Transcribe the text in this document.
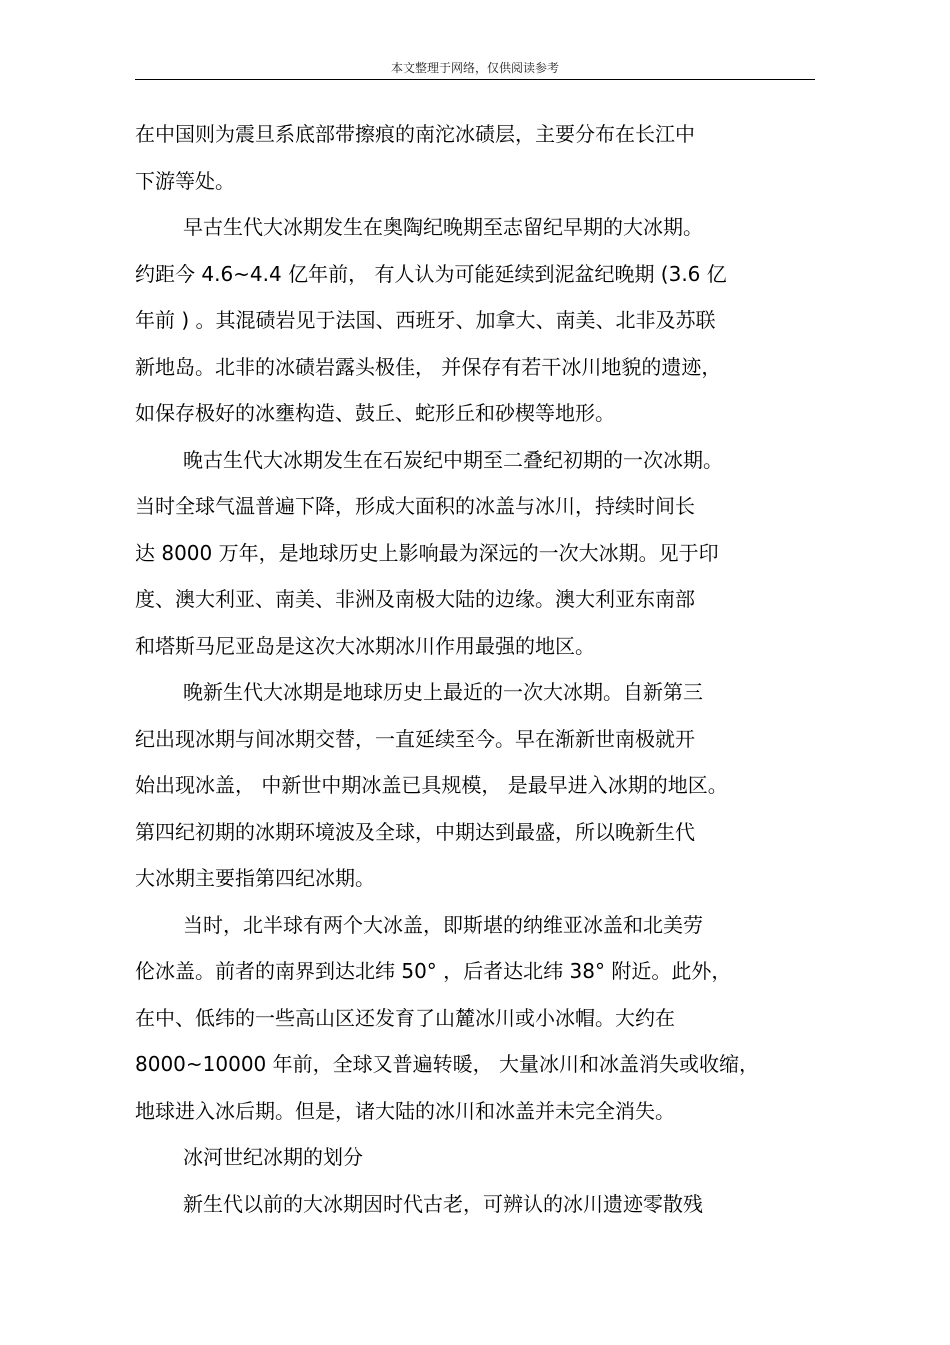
本文整理于网络，仅供阅读参考
在中国则为震旦系底部带擦痕的南沱冰碛层，主要分布在长江中
下游等处。
早古生代大冰期发生在奥陶纪晚期至志留纪早期的大冰期。
约距今 4.6~4.4 亿年前， 有人认为可能延续到泥盆纪晚期 (3.6 亿
年前 ) 。其混碛岩见于法国、西班牙、加拿大、南美、北非及苏联
新地岛。北非的冰碛岩露头极佳， 并保存有若干冰川地貌的遗迹，
如保存极好的冰壅构造、鼓丘、蛇形丘和砂楔等地形。
晚古生代大冰期发生在石炭纪中期至二叠纪初期的一次冰期。
当时全球气温普遍下降，形成大面积的冰盖与冰川，持续时间长
达 8000 万年，是地球历史上影响最为深远的一次大冰期。见于印
度、澳大利亚、南美、非洲及南极大陆的边缘。澳大利亚东南部
和塔斯马尼亚岛是这次大冰期冰川作用最强的地区。
晚新生代大冰期是地球历史上最近的一次大冰期。自新第三
纪出现冰期与间冰期交替，一直延续至今。早在渐新世南极就开
始出现冰盖， 中新世中期冰盖已具规模， 是最早进入冰期的地区。
第四纪初期的冰期环境波及全球，中期达到最盛，所以晚新生代
大冰期主要指第四纪冰期。
当时，北半球有两个大冰盖，即斯堪的纳维亚冰盖和北美劳
伦冰盖。前者的南界到达北纬 50° ，后者达北纬 38° 附近。此外，
在中、低纬的一些高山区还发育了山麓冰川或小冰帽。大约在
8000~10000 年前，全球又普遍转暖， 大量冰川和冰盖消失或收缩，
地球进入冰后期。但是，诸大陆的冰川和冰盖并未完全消失。
冰河世纪冰期的划分
新生代以前的大冰期因时代古老，可辨认的冰川遗迹零散残
